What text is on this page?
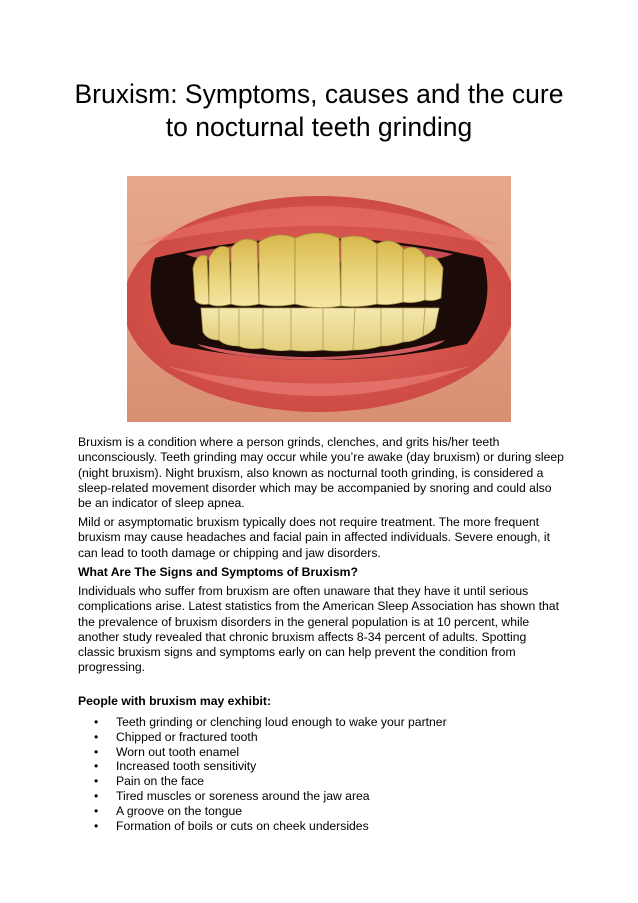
Bruxism: Symptoms, causes and the cure to nocturnal teeth grinding

Bruxism is a condition where a person grinds, clenches, and grits his/her teeth unconsciously. Teeth grinding may occur while you’re awake (day bruxism) or during sleep (night bruxism). Night bruxism, also known as nocturnal tooth grinding, is considered a sleep-related movement disorder which may be accompanied by snoring and could also be an indicator of sleep apnea.

Mild or asymptomatic bruxism typically does not require treatment. The more frequent bruxism may cause headaches and facial pain in affected individuals. Severe enough, it can lead to tooth damage or chipping and jaw disorders.

What Are The Signs and Symptoms of Bruxism?

Individuals who suffer from bruxism are often unaware that they have it until serious complications arise. Latest statistics from the American Sleep Association has shown that the prevalence of bruxism disorders in the general population is at 10 percent, while another study revealed that chronic bruxism affects 8-34 percent of adults. Spotting classic bruxism signs and symptoms early on can help prevent the condition from progressing.

People with bruxism may exhibit:

• Teeth grinding or clenching loud enough to wake your partner
• Chipped or fractured tooth
• Worn out tooth enamel
• Increased tooth sensitivity
• Pain on the face
• Tired muscles or soreness around the jaw area
• A groove on the tongue
• Formation of boils or cuts on cheek undersides
